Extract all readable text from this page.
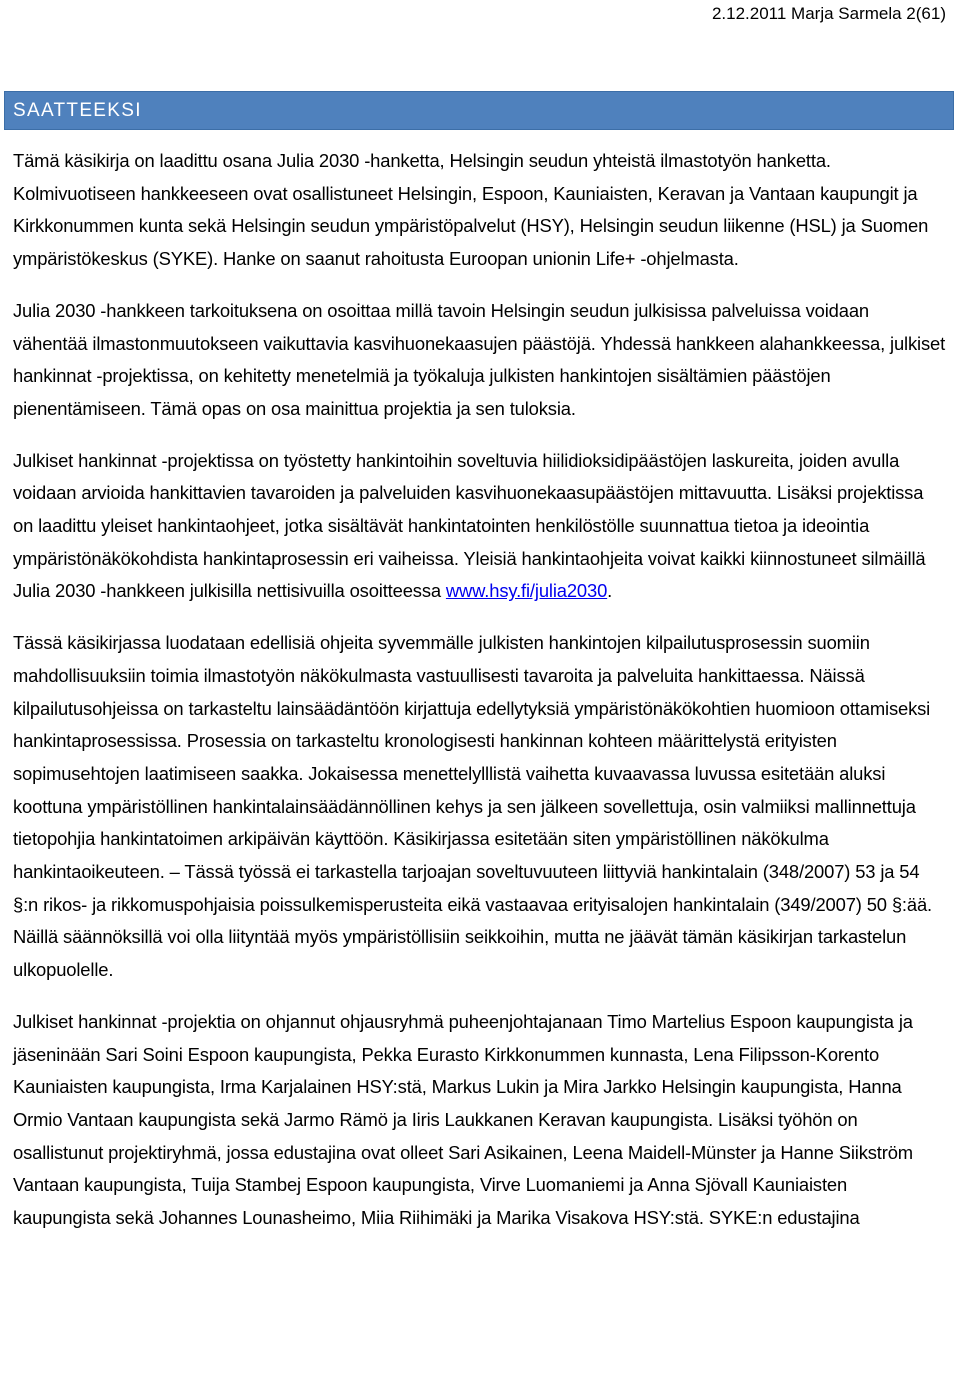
2.12.2011 Marja Sarmela 2(61)
SAATTEEKSI

Tämä käsikirja on laadittu osana Julia 2030 -hanketta, Helsingin seudun yhteistä ilmastotyön hanketta. Kolmivuotiseen hankkeeseen ovat osallistuneet Helsingin, Espoon, Kauniaisten, Keravan ja Vantaan kaupungit ja Kirkkonummen kunta sekä Helsingin seudun ympäristöpalvelut (HSY), Helsingin seudun liikenne (HSL) ja Suomen ympäristökeskus (SYKE). Hanke on saanut rahoitusta Euroopan unionin Life+ -ohjelmasta.

Julia 2030 -hankkeen tarkoituksena on osoittaa millä tavoin Helsingin seudun julkisissa palveluissa voidaan vähentää ilmastonmuutokseen vaikuttavia kasvihuonekaasujen päästöjä. Yhdessä hankkeen alahankkeessa, julkiset hankinnat -projektissa, on kehitetty menetelmiä ja työkaluja julkisten hankintojen sisältämien päästöjen pienentämiseen. Tämä opas on osa mainittua projektia ja sen tuloksia.

Julkiset hankinnat -projektissa on työstetty hankintoihin soveltuvia hiilidioksidipäästöjen laskureita, joiden avulla voidaan arvioida hankittavien tavaroiden ja palveluiden kasvihuonekaasupäästöjen mittavuutta. Lisäksi projektissa on laadittu yleiset hankintaohjeet, jotka sisältävät hankintatointen henkilöstölle suunnattua tietoa ja ideointia ympäristönäkökohdista hankintaprosessin eri vaiheissa. Yleisiä hankintaohjeita voivat kaikki kiinnostuneet silmäillä Julia 2030 -hankkeen julkisilla nettisivuilla osoitteessa www.hsy.fi/julia2030.

Tässä käsikirjassa luodataan edellisiä ohjeita syvemmälle julkisten hankintojen kilpailutusprosessin suomiin mahdollisuuksiin toimia ilmastotyön näkökulmasta vastuullisesti tavaroita ja palveluita hankittaessa. Näissä kilpailutusohjeissa on tarkasteltu lainsäädäntöön kirjattuja edellytyksiä ympäristönäkökohtien huomioon ottamiseksi hankintaprosessissa. Prosessia on tarkasteltu kronologisesti hankinnan kohteen määrittelystä erityisten sopimusehtojen laatimiseen saakka. Jokaisessa menettelylllistä vaihetta kuvaavassa luvussa esitetään aluksi koottuna ympäristöllinen hankintalainsäädännöllinen kehys ja sen jälkeen sovellettuja, osin valmiiksi mallinnettuja tietopohjia hankintatoimen arkipäivän käyttöön. Käsikirjassa esitetään siten ympäristöllinen näkökulma hankintaoikeuteen. – Tässä työssä ei tarkastella tarjoajan soveltuvuuteen liittyviä hankintalain (348/2007) 53 ja 54 §:n rikos- ja rikkomuspohjaisia poissulkemisperusteita eikä vastaavaa erityisalojen hankintalain (349/2007) 50 §:ää. Näillä säännöksillä voi olla liityntää myös ympäristöllisiin seikkoihin, mutta ne jäävät tämän käsikirjan tarkastelun ulkopuolelle.

Julkiset hankinnat -projektia on ohjannut ohjausryhmä puheenjohtajanaan Timo Martelius Espoon kaupungista ja jäseninään Sari Soini Espoon kaupungista, Pekka Eurasto Kirkkonummen kunnasta, Lena Filipsson-Korento Kauniaisten kaupungista, Irma Karjalainen HSY:stä, Markus Lukin ja Mira Jarkko Helsingin kaupungista, Hanna Ormio Vantaan kaupungista sekä Jarmo Rämö ja Iiris Laukkanen Keravan kaupungista. Lisäksi työhön on osallistunut projektiryhmä, jossa edustajina ovat olleet Sari Asikainen, Leena Maidell-Münster ja Hanne Siikström Vantaan kaupungista, Tuija Stambej Espoon kaupungista, Virve Luomaniemi ja Anna Sjövall Kauniaisten kaupungista sekä Johannes Lounasheimo, Miia Riihimäki ja Marika Visakova HSY:stä. SYKE:n edustajina
